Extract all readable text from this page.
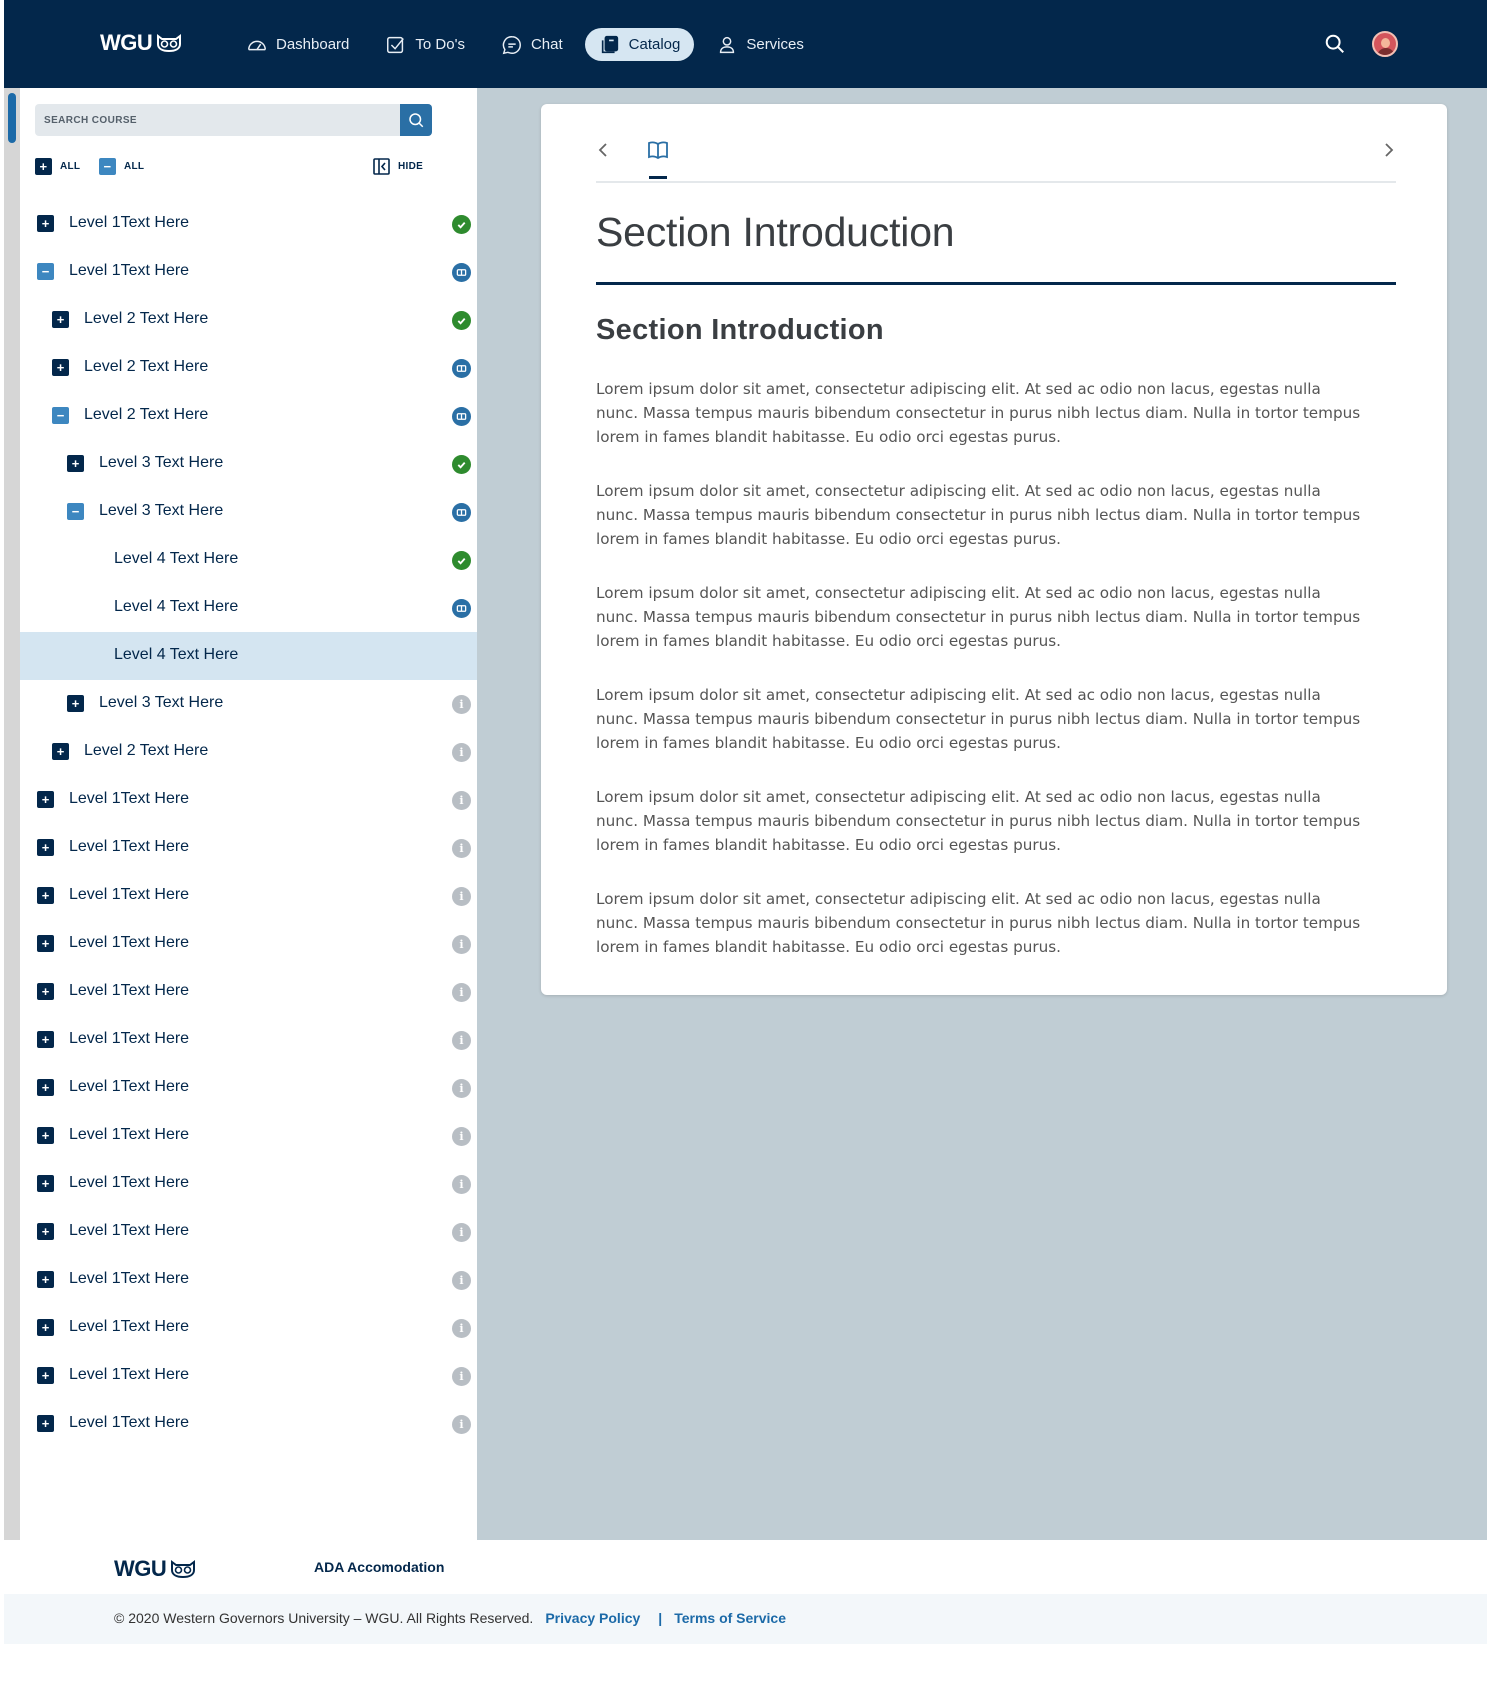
WGU	Dashboard	To Do's	Chat	Catalog	Services
SEARCH COURSE
+	ALL	−	ALL	HIDE
+ Level 1Text Here
− Level 1Text Here
+ Level 2 Text Here
+ Level 2 Text Here
− Level 2 Text Here
+ Level 3 Text Here
− Level 3 Text Here
Level 4 Text Here
Level 4 Text Here
Level 4 Text Here
+ Level 3 Text Here	i
+ Level 2 Text Here	i
+ Level 1Text Here	i
+ Level 1Text Here	i
+ Level 1Text Here	i
+ Level 1Text Here	i
+ Level 1Text Here	i
+ Level 1Text Here	i
+ Level 1Text Here	i
+ Level 1Text Here	i
+ Level 1Text Here	i
+ Level 1Text Here	i
+ Level 1Text Here	i
+ Level 1Text Here	i
+ Level 1Text Here	i
+ Level 1Text Here	i
Section Introduction
Section Introduction

Lorem ipsum dolor sit amet, consectetur adipiscing elit. At sed ac odio non lacus, egestas nulla nunc. Massa tempus mauris bibendum consectetur in purus nibh lectus diam. Nulla in tortor tempus lorem in fames blandit habitasse. Eu odio orci egestas purus.

Lorem ipsum dolor sit amet, consectetur adipiscing elit. At sed ac odio non lacus, egestas nulla nunc. Massa tempus mauris bibendum consectetur in purus nibh lectus diam. Nulla in tortor tempus lorem in fames blandit habitasse. Eu odio orci egestas purus.

Lorem ipsum dolor sit amet, consectetur adipiscing elit. At sed ac odio non lacus, egestas nulla nunc. Massa tempus mauris bibendum consectetur in purus nibh lectus diam. Nulla in tortor tempus lorem in fames blandit habitasse. Eu odio orci egestas purus.

Lorem ipsum dolor sit amet, consectetur adipiscing elit. At sed ac odio non lacus, egestas nulla nunc. Massa tempus mauris bibendum consectetur in purus nibh lectus diam. Nulla in tortor tempus lorem in fames blandit habitasse. Eu odio orci egestas purus.

Lorem ipsum dolor sit amet, consectetur adipiscing elit. At sed ac odio non lacus, egestas nulla nunc. Massa tempus mauris bibendum consectetur in purus nibh lectus diam. Nulla in tortor tempus lorem in fames blandit habitasse. Eu odio orci egestas purus.

Lorem ipsum dolor sit amet, consectetur adipiscing elit. At sed ac odio non lacus, egestas nulla nunc. Massa tempus mauris bibendum consectetur in purus nibh lectus diam. Nulla in tortor tempus lorem in fames blandit habitasse. Eu odio orci egestas purus.

WGU	ADA Accomodation
© 2020 Western Governors University – WGU. All Rights Reserved. Privacy Policy | Terms of Service
